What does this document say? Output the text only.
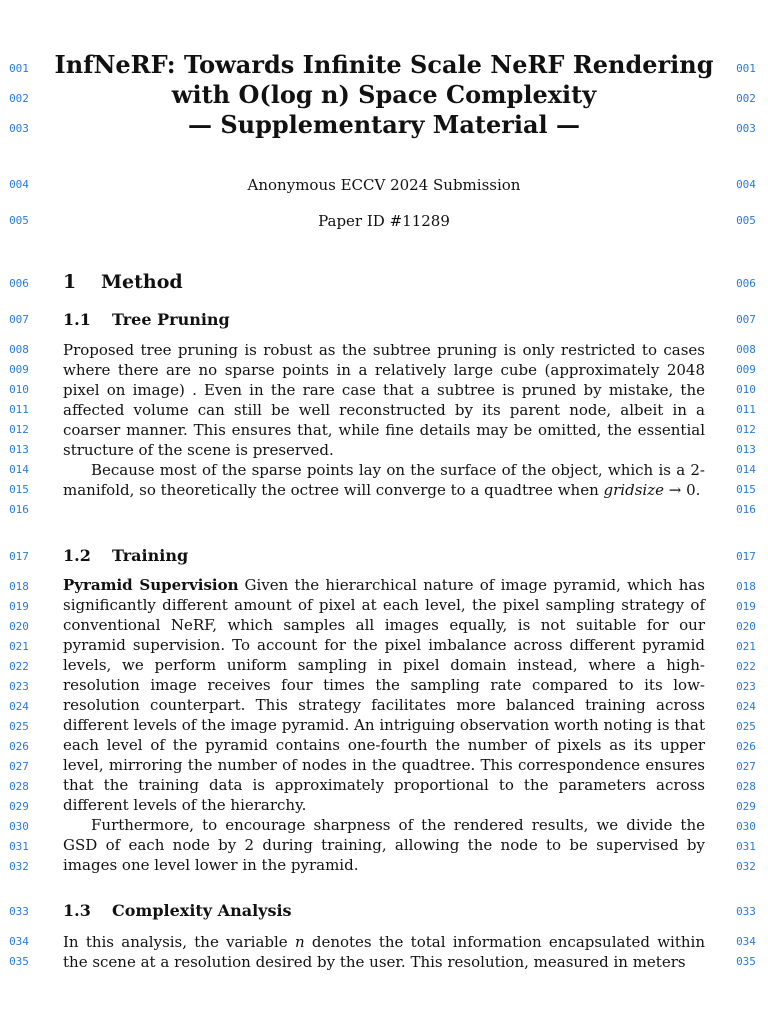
001	001
002	002
003	003
004	004
005	005
006	006
007	007
008	008
009	009
010	010
011	011
012	012
013	013
014	014
015	015
016	016
017	017
018	018
019	019
020	020
021	021
022	022
023	023
024	024
025	025
026	026
027	027
028	028
029	029
030	030
031	031
032	032
033	033
034	034
035	035
InfNeRF: Towards Infinite Scale NeRF Rendering
with O(log n) Space Complexity
— Supplementary Material —
Anonymous ECCV 2024 Submission
Paper ID #11289
1 Method
1.1 Tree Pruning

Proposed tree pruning is robust as the subtree pruning is only restricted to cases where there are no sparse points in a relatively large cube (approximately 2048 pixel on image) . Even in the rare case that a subtree is pruned by mistake, the affected volume can still be well reconstructed by its parent node, albeit in a coarser manner. This ensures that, while fine details may be omitted, the essential structure of the scene is preserved.

Because most of the sparse points lay on the surface of the object, which is a 2-manifold, so theoretically the octree will converge to a quadtree when gridsize → 0.

1.2 Training

Pyramid Supervision Given the hierarchical nature of image pyramid, which has significantly different amount of pixel at each level, the pixel sampling strategy of conventional NeRF, which samples all images equally, is not suitable for our pyramid supervision. To account for the pixel imbalance across different pyramid levels, we perform uniform sampling in pixel domain instead, where a high-resolution image receives four times the sampling rate compared to its low-resolution counterpart. This strategy facilitates more balanced training across different levels of the image pyramid. An intriguing observation worth noting is that each level of the pyramid contains one-fourth the number of pixels as its upper level, mirroring the number of nodes in the quadtree. This correspondence ensures that the training data is approximately proportional to the parameters across different levels of the hierarchy.

Furthermore, to encourage sharpness of the rendered results, we divide the GSD of each node by 2 during training, allowing the node to be supervised by images one level lower in the pyramid.

1.3 Complexity Analysis

In this analysis, the variable n denotes the total information encapsulated within the scene at a resolution desired by the user. This resolution, measured in meters
